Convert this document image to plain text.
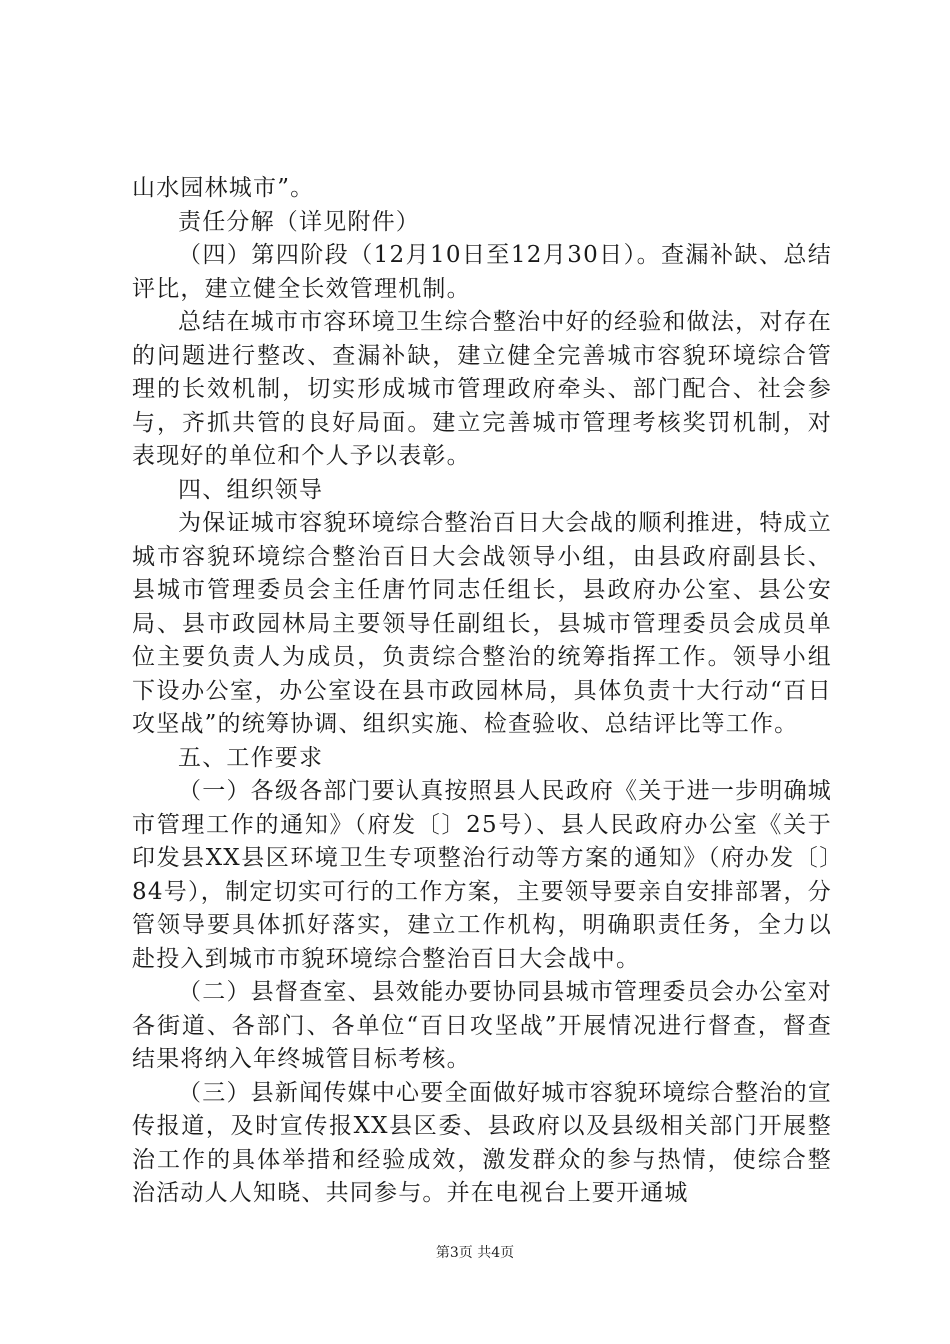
山水园林城市”。

责任分解（详见附件）

（四）第四阶段（12月10日至12月30日）。查漏补缺、总结评比，建立健全长效管理机制。

总结在城市市容环境卫生综合整治中好的经验和做法，对存在的问题进行整改、查漏补缺，建立健全完善城市容貌环境综合管理的长效机制，切实形成城市管理政府牵头、部门配合、社会参与，齐抓共管的良好局面。建立完善城市管理考核奖罚机制，对表现好的单位和个人予以表彰。

四、组织领导

为保证城市容貌环境综合整治百日大会战的顺利推进，特成立城市容貌环境综合整治百日大会战领导小组，由县政府副县长、县城市管理委员会主任唐竹同志任组长，县政府办公室、县公安局、县市政园林局主要领导任副组长，县城市管理委员会成员单位主要负责人为成员，负责综合整治的统筹指挥工作。领导小组下设办公室，办公室设在县市政园林局，具体负责十大行动“百日攻坚战”的统筹协调、组织实施、检查验收、总结评比等工作。

五、工作要求

（一）各级各部门要认真按照县人民政府《关于进一步明确城市管理工作的通知》（府发〔〕25号）、县人民政府办公室《关于印发县XX县区环境卫生专项整治行动等方案的通知》（府办发〔〕84号），制定切实可行的工作方案，主要领导要亲自安排部署，分管领导要具体抓好落实，建立工作机构，明确职责任务，全力以赴投入到城市市貌环境综合整治百日大会战中。

（二）县督查室、县效能办要协同县城市管理委员会办公室对各街道、各部门、各单位“百日攻坚战”开展情况进行督查，督查结果将纳入年终城管目标考核。

（三）县新闻传媒中心要全面做好城市容貌环境综合整治的宣传报道，及时宣传报XX县区委、县政府以及县级相关部门开展整治工作的具体举措和经验成效，激发群众的参与热情，使综合整治活动人人知晓、共同参与。并在电视台上要开通城

第3页 共4页
